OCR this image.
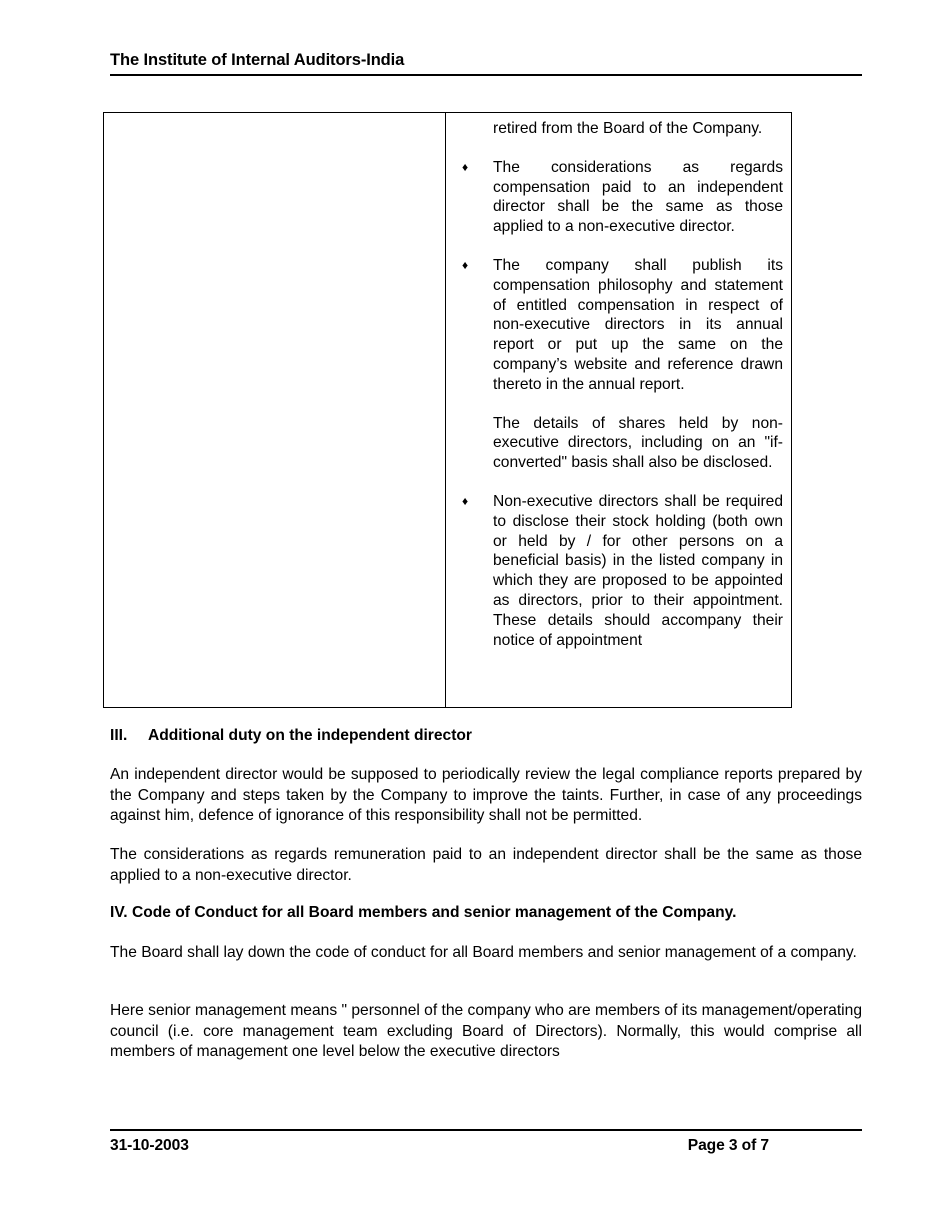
The Institute of Internal Auditors-India

retired from the Board of the Company.

♦ The considerations as regards compensation paid to an independent director shall be the same as those applied to a non-executive director.
♦ The company shall publish its compensation philosophy and statement of entitled compensation in respect of non-executive directors in its annual report or put up the same on the company’s website and reference drawn thereto in the annual report.

The details of shares held by non-executive directors, including on an "if-converted" basis shall also be disclosed.

♦ Non-executive directors shall be required to disclose their stock holding (both own or held by / for other persons on a beneficial basis) in the listed company in which they are proposed to be appointed as directors, prior to their appointment. These details should accompany their notice of appointment
III. Additional duty on the independent director

An independent director would be supposed to periodically review the legal compliance reports prepared by the Company and steps taken by the Company to improve the taints. Further, in case of any proceedings against him, defence of ignorance of this responsibility shall not be permitted.

The considerations as regards remuneration paid to an independent director shall be the same as those applied to a non-executive director.

IV. Code of Conduct for all Board members and senior management of the Company.

The Board shall lay down the code of conduct for all Board members and senior management of a company.

Here senior management means " personnel of the company who are members of its management/operating council (i.e. core management team excluding Board of Directors). Normally, this would comprise all members of management one level below the executive directors

31-10-2003	Page 3 of 7
